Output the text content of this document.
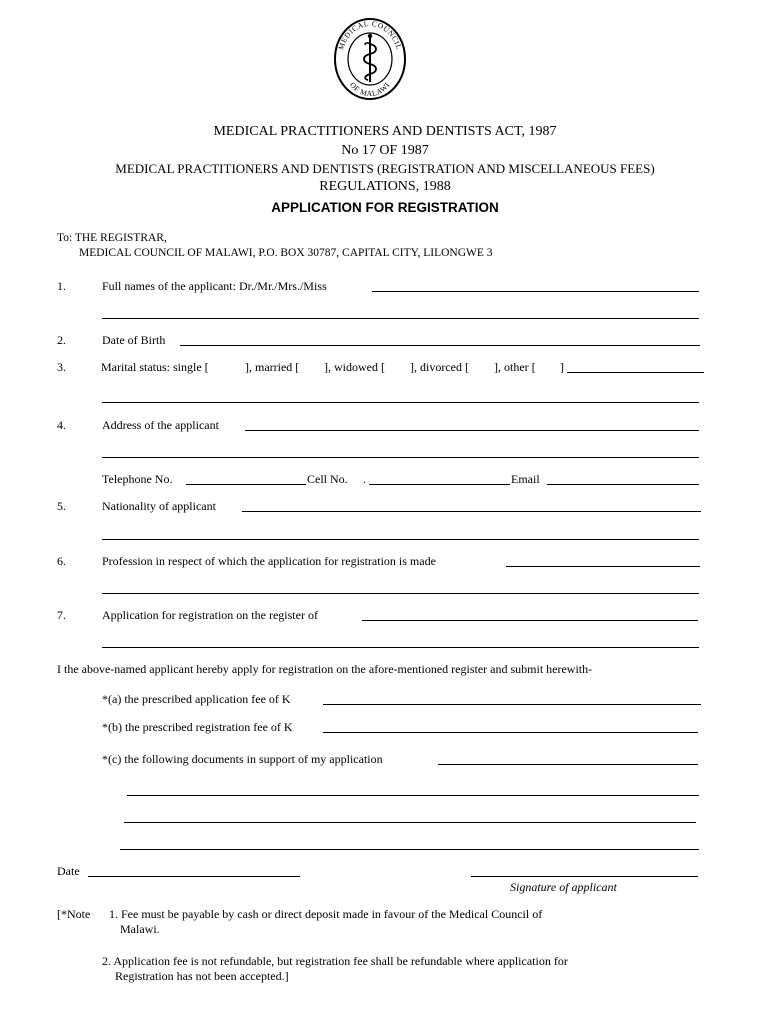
MEDICAL COUNCIL
OF MALAWI
MEDICAL PRACTITIONERS AND DENTISTS ACT, 1987
No 17 OF 1987
MEDICAL PRACTITIONERS AND DENTISTS (REGISTRATION AND MISCELLANEOUS FEES)
REGULATIONS, 1988
APPLICATION FOR REGISTRATION
To: THE REGISTRAR,
MEDICAL COUNCIL OF MALAWI, P.O. BOX 30787, CAPITAL CITY, LILONGWE 3
1.	Full names of the applicant: Dr./Mr./Mrs./Miss
2.	Date of Birth
3.	Marital status: single [	], married [ ], widowed [ ], divorced [ ], other [ ]
4.	Address of the applicant
Telephone No.	Cell No. .	Email
5.	Nationality of applicant
6.	Profession in respect of which the application for registration is made
7.	Application for registration on the register of
I the above-named applicant hereby apply for registration on the afore-mentioned register and submit herewith-
*(a) the prescribed application fee of K
*(b) the prescribed registration fee of K
*(c) the following documents in support of my application
Date
Signature of applicant
[*Note 1. Fee must be payable by cash or direct deposit made in favour of the Medical Council of
Malawi.
2. Application fee is not refundable, but registration fee shall be refundable where application for
Registration has not been accepted.]
